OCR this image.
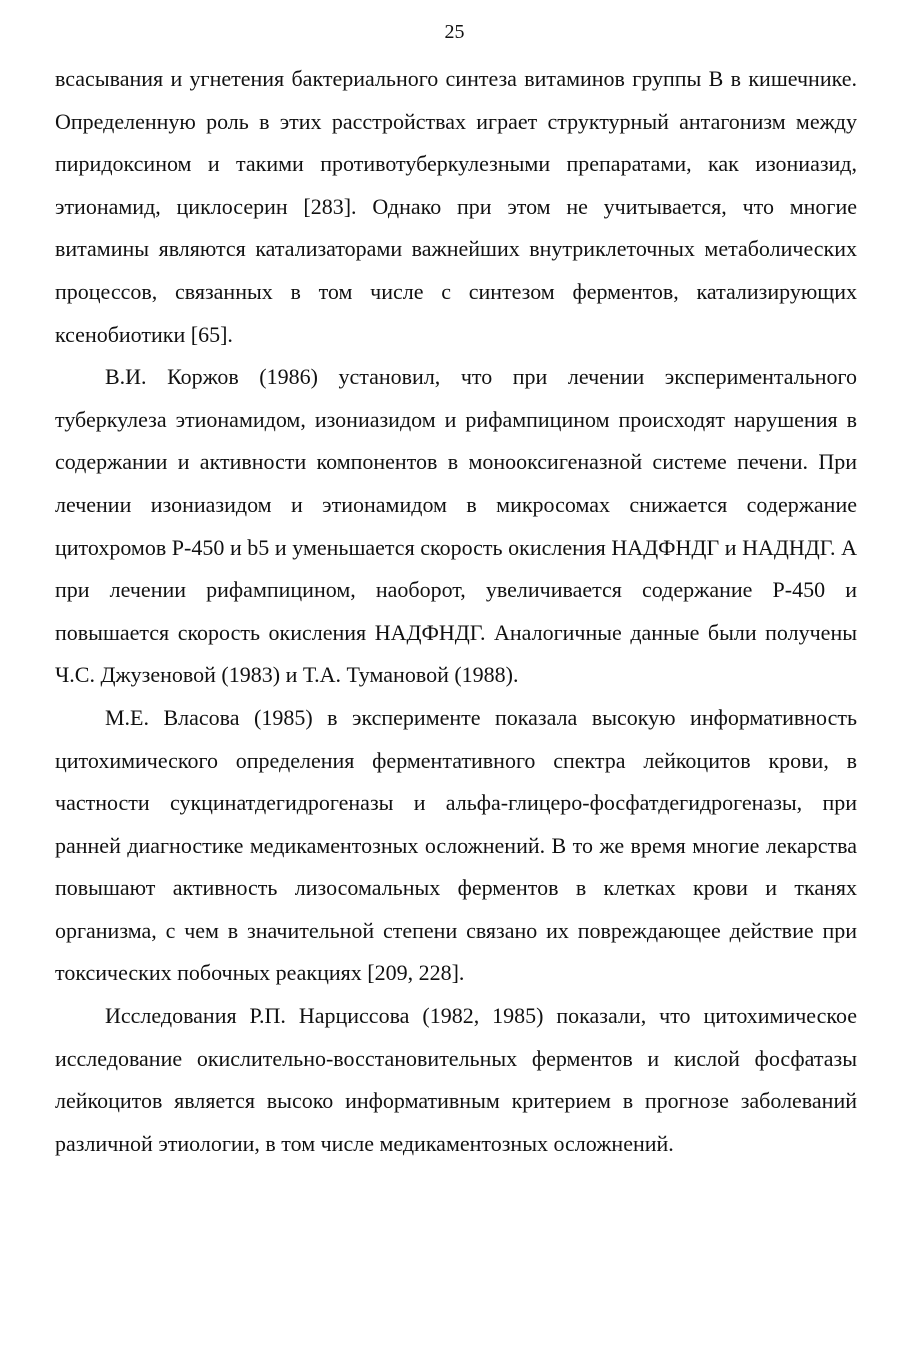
25

всасывания и угнетения бактериального синтеза витаминов группы В в кишечнике. Определенную роль в этих расстройствах играет структурный антагонизм между пиридоксином и такими противотуберкулезными препаратами, как изониазид, этионамид, циклосерин [283]. Однако при этом не учитывается, что многие витамины являются катализаторами важнейших внутриклеточных метаболических процессов, связанных в том числе с синтезом ферментов, катализирующих ксенобиотики [65].

В.И. Коржов (1986) установил, что при лечении экспериментального туберкулеза этионамидом, изониазидом и рифампицином происходят нарушения в содержании и активности компонентов в монооксигеназной системе печени. При лечении изониазидом и этионамидом в микросомах снижается содержание цитохромов Р-450 и b5 и уменьшается скорость окисления НАДФНДГ и НАДНДГ. А при лечении рифампицином, наоборот, увеличивается содержание Р-450 и повышается скорость окисления НАДФНДГ. Аналогичные данные были получены Ч.С. Джузеновой (1983) и Т.А. Тумановой (1988).

М.Е. Власова (1985) в эксперименте показала высокую информативность цитохимического определения ферментативного спектра лейкоцитов крови, в частности сукцинатдегидрогеназы и альфа-глицеро-фосфатдегидрогеназы, при ранней диагностике медикаментозных осложнений. В то же время многие лекарства повышают активность лизосомальных ферментов в клетках крови и тканях организма, с чем в значительной степени связано их повреждающее действие при токсических побочных реакциях [209, 228].

Исследования Р.П. Нарциссова (1982, 1985) показали, что цитохимическое исследование окислительно-восстановительных ферментов и кислой фосфатазы лейкоцитов является высоко информативным критерием в прогнозе заболеваний различной этиологии, в том числе медикаментозных осложнений.
